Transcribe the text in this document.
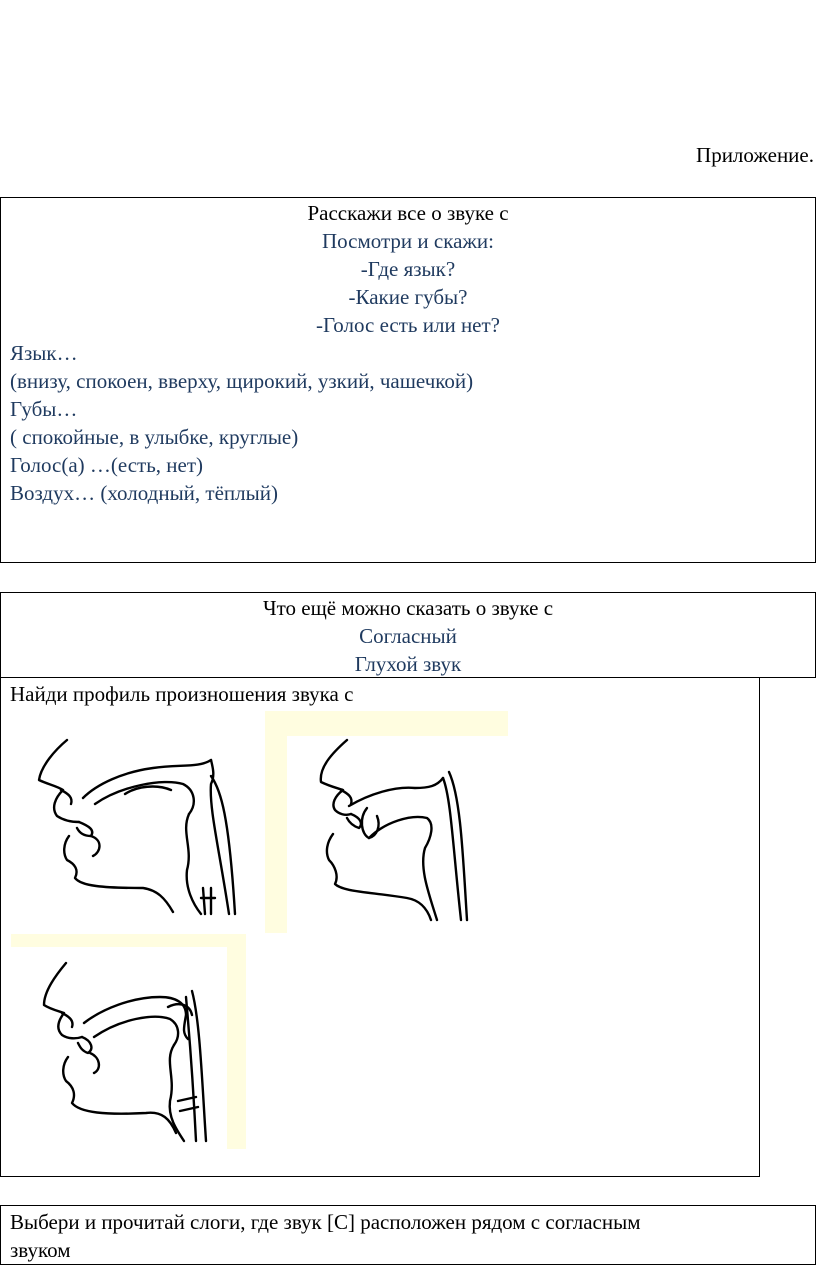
Приложение.
Расскажи все о звуке с
Посмотри и скажи:
-Где язык?
-Какие губы?
-Голос есть или нет?
Язык…
(внизу, спокоен, вверху, щирокий, узкий, чашечкой)
Губы…
( спокойные, в улыбке, круглые)
Голос(а) …(есть, нет)
Воздух… (холодный, тёплый)
Что ещё можно сказать о звуке с
Согласный
Глухой звук
Найди профиль произношения звука с
Выбери и прочитай слоги, где звук [С] расположен рядом с согласным
звуком
